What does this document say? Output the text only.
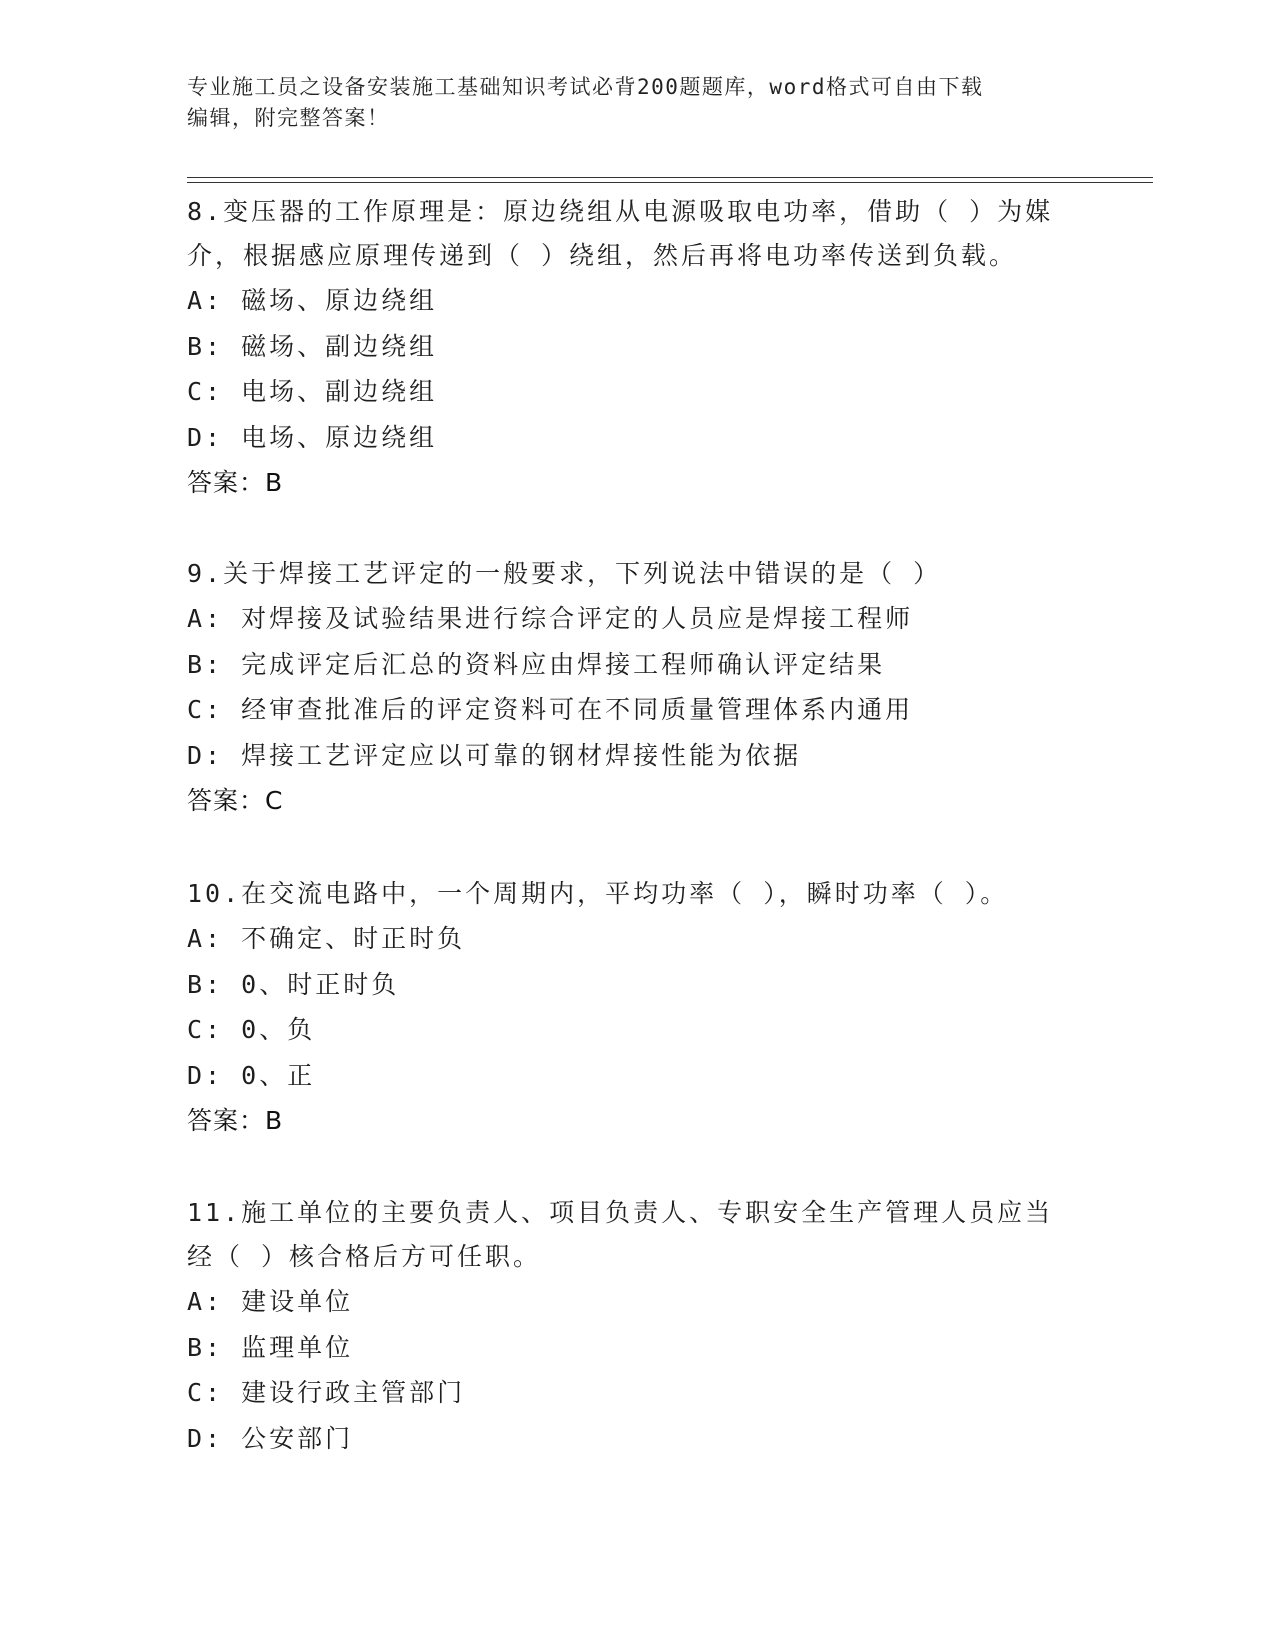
专业施工员之设备安装施工基础知识考试必背200题题库，word格式可自由下载
编辑，附完整答案！
8.变压器的工作原理是：原边绕组从电源吸取电功率，借助（ ）为媒
介，根据感应原理传递到（ ）绕组，然后再将电功率传送到负载。
A: 磁场、原边绕组
B: 磁场、副边绕组
C: 电场、副边绕组
D: 电场、原边绕组
答案：B
9.关于焊接工艺评定的一般要求，下列说法中错误的是（ ）
A: 对焊接及试验结果进行综合评定的人员应是焊接工程师
B: 完成评定后汇总的资料应由焊接工程师确认评定结果
C: 经审查批准后的评定资料可在不同质量管理体系内通用
D: 焊接工艺评定应以可靠的钢材焊接性能为依据
答案：C
10.在交流电路中，一个周期内，平均功率（ ），瞬时功率（ ）。
A: 不确定、时正时负
B: 0、时正时负
C: 0、负
D: 0、正
答案：B
11.施工单位的主要负责人、项目负责人、专职安全生产管理人员应当
经（ ）核合格后方可任职。
A: 建设单位
B: 监理单位
C: 建设行政主管部门
D: 公安部门
